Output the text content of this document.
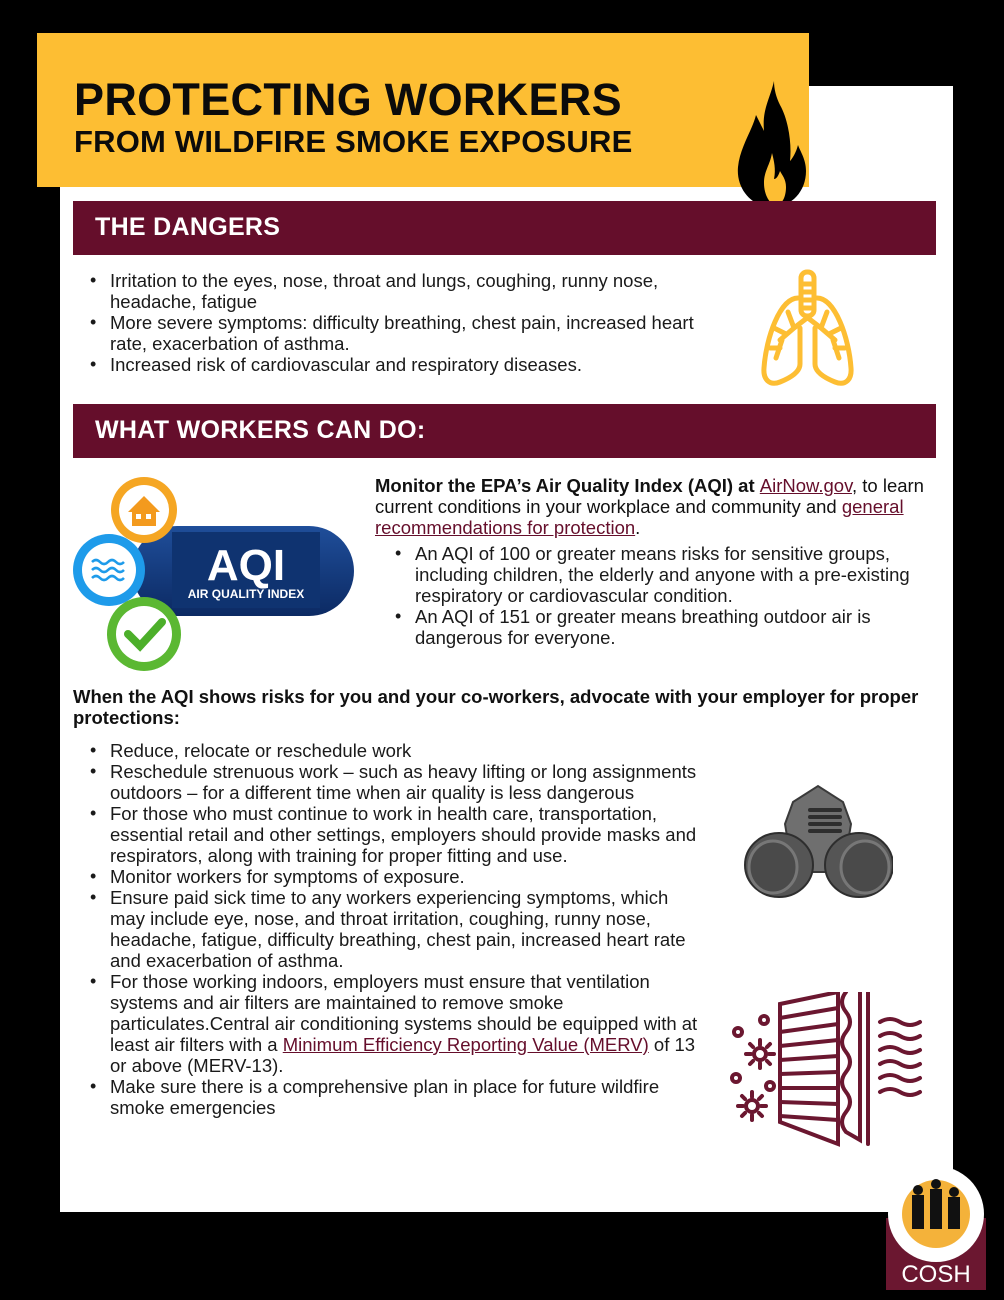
PROTECTING WORKERS
FROM WILDFIRE SMOKE EXPOSURE
THE DANGERS
• Irritation to the eyes, nose, throat and lungs, coughing, runny nose, headache, fatigue
• More severe symptoms: difficulty breathing, chest pain, increased heart rate, exacerbation of asthma.
• Increased risk of cardiovascular and respiratory diseases.
WHAT WORKERS CAN DO:
AQI
AIR QUALITY INDEX
Monitor the EPA’s Air Quality Index (AQI) at AirNow.gov, to learn current conditions in your workplace and community and general recommendations for protection.
• An AQI of 100 or greater means risks for sensitive groups, including children, the elderly and anyone with a pre-existing respiratory or cardiovascular condition.
• An AQI of 151 or greater means breathing outdoor air is dangerous for everyone.
When the AQI shows risks for you and your co-workers, advocate with your employer for proper protections:
• Reduce, relocate or reschedule work
• Reschedule strenuous work – such as heavy lifting or long assignments outdoors – for a different time when air quality is less dangerous
• For those who must continue to work in health care, transportation, essential retail and other settings, employers should provide masks and respirators, along with training for proper fitting and use.
• Monitor workers for symptoms of exposure.
• Ensure paid sick time to any workers experiencing symptoms, which may include eye, nose, and throat irritation, coughing, runny nose, headache, fatigue, difficulty breathing, chest pain, increased heart rate and exacerbation of asthma.
• For those working indoors, employers must ensure that ventilation systems and air filters are maintained to remove smoke particulates.Central air conditioning systems should be equipped with at least air filters with a Minimum Efficiency Reporting Value (MERV) of 13 or above (MERV-13).
• Make sure there is a comprehensive plan in place for future wildfire smoke emergencies
COSH
